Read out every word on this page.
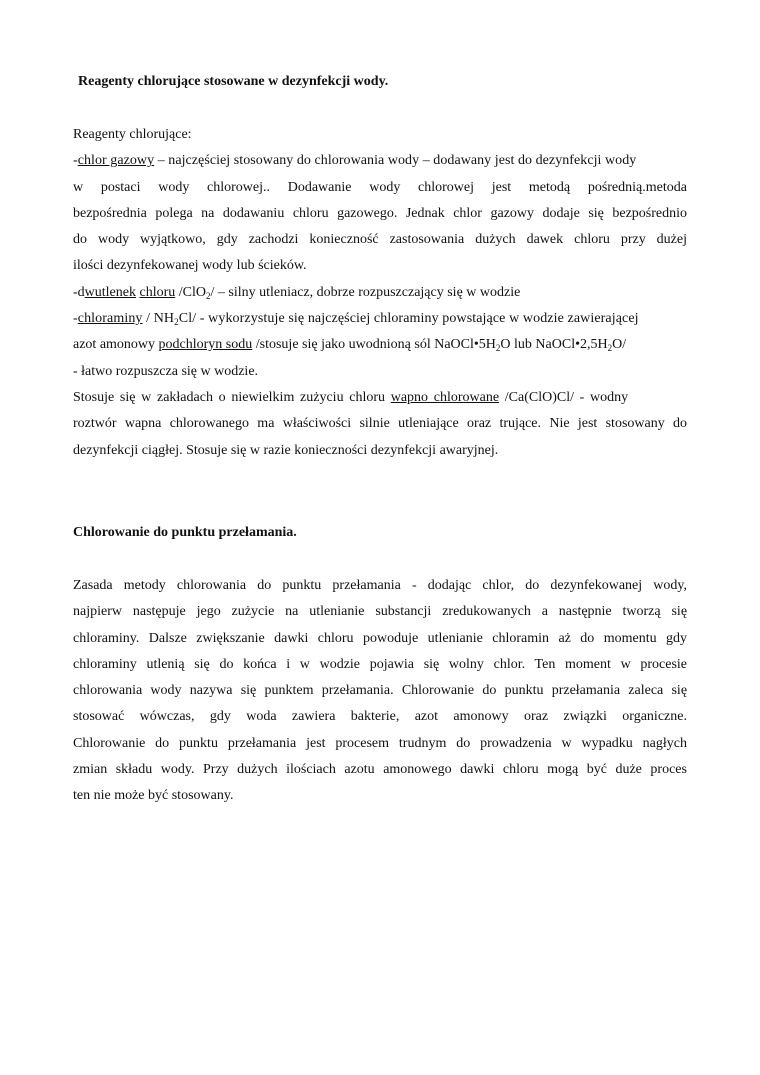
Reagenty chlorujące stosowane w dezynfekcji wody.
Reagenty chlorujące:
-chlor gazowy – najczęściej stosowany do chlorowania wody – dodawany jest do dezynfekcji wody
w postaci wody chlorowej.. Dodawanie wody chlorowej jest metodą pośrednią.metoda
bezpośrednia polega na dodawaniu chloru gazowego. Jednak chlor gazowy dodaje się bezpośrednio
do wody wyjątkowo, gdy zachodzi konieczność zastosowania dużych dawek chloru przy dużej
ilości dezynfekowanej wody lub ścieków.
-dwutlenek chloru /ClO$_2$/ – silny utleniacz, dobrze rozpuszczający się w wodzie
-chloraminy / $NH_2Cl/$ - wykorzystuje się najczęściej chloraminy powstające w wodzie zawierającej
azot amonowy podchloryn sodu /stosuje się jako uwodnioną sól $NaOCl•5H_2O$ lub $NaOCl•2,5H_2O/$
- łatwo rozpuszcza się w wodzie.
Stosuje się w zakładach o niewielkim zużyciu chloru wapno chlorowane /Ca(ClO)Cl/ - wodny
roztwór wapna chlorowanego ma właściwości silnie utleniające oraz trujące. Nie jest stosowany do
dezynfekcji ciągłej. Stosuje się w razie konieczności dezynfekcji awaryjnej.
Chlorowanie do punktu przełamania.
Zasada metody chlorowania do punktu przełamania - dodając chlor, do dezynfekowanej wody,
najpierw następuje jego zużycie na utlenianie substancji zredukowanych a następnie tworzą się
chloraminy. Dalsze zwiększanie dawki chloru powoduje utlenianie chloramin aż do momentu gdy
chloraminy utlenią się do końca i w wodzie pojawia się wolny chlor. Ten moment w procesie
chlorowania wody nazywa się punktem przełamania. Chlorowanie do punktu przełamania zaleca się
stosować wówczas, gdy woda zawiera bakterie, azot amonowy oraz związki organiczne.
Chlorowanie do punktu przełamania jest procesem trudnym do prowadzenia w wypadku nagłych
zmian składu wody. Przy dużych ilościach azotu amonowego dawki chloru mogą być duże proces
ten nie może być stosowany.
